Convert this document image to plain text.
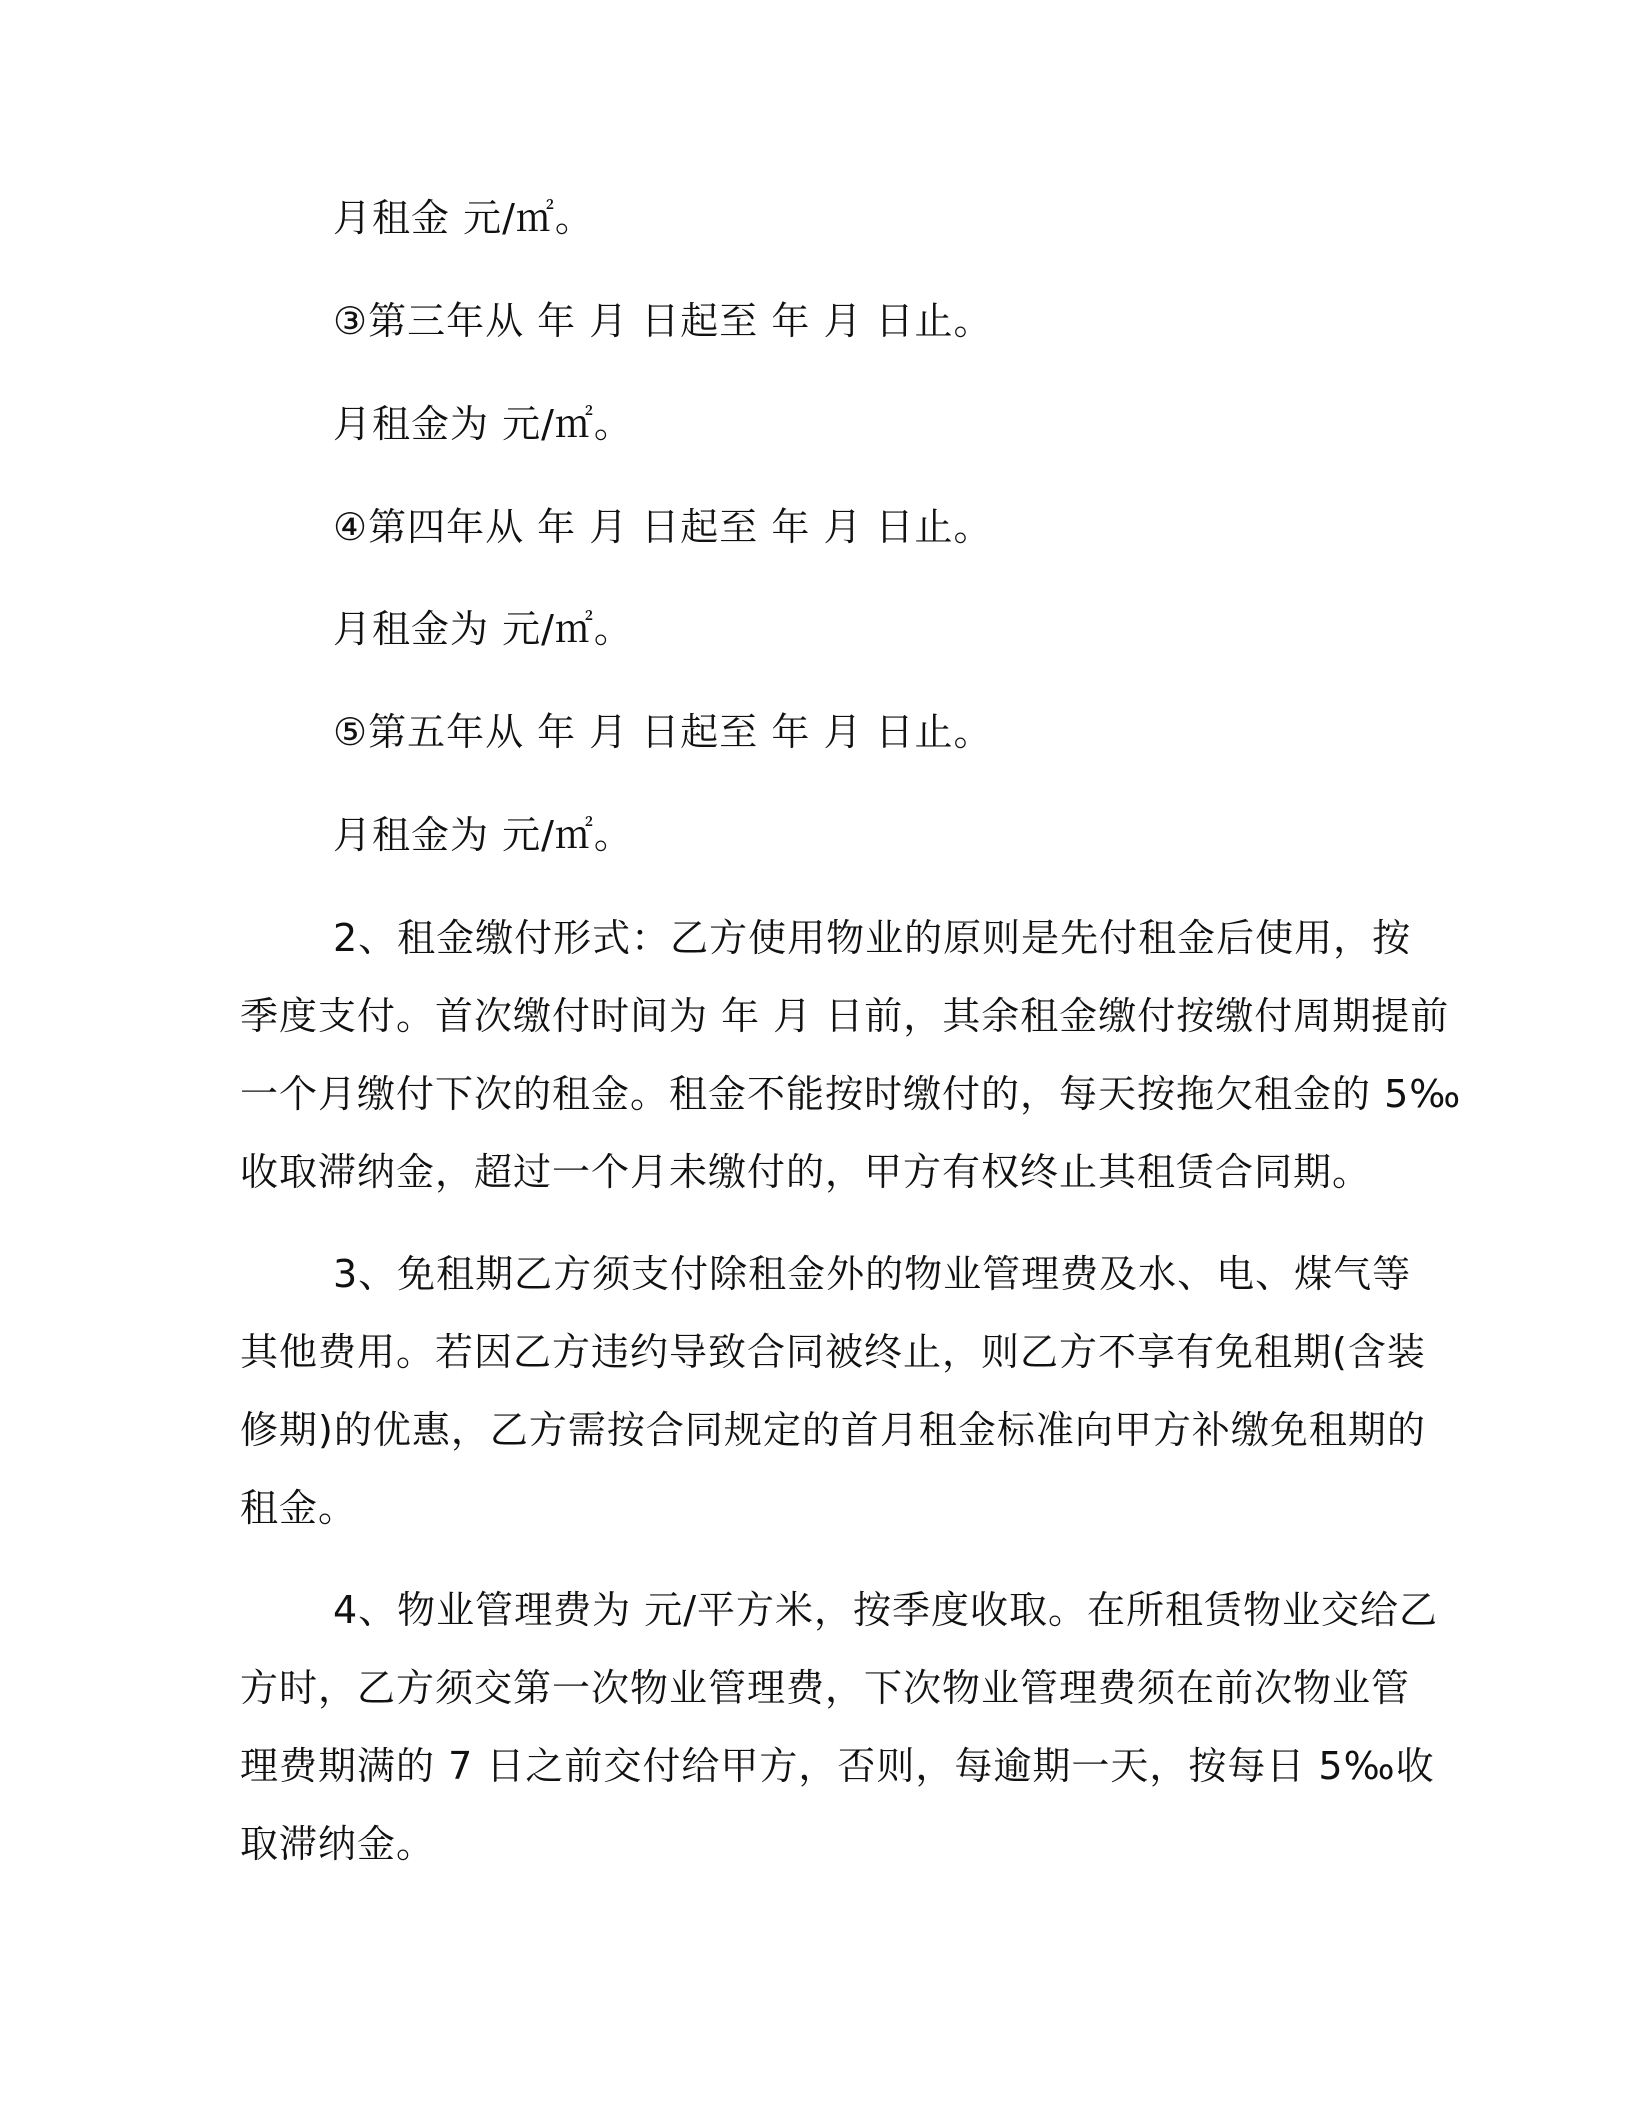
月租金 元/㎡。
③第三年从 年 月 日起至 年 月 日止。
月租金为 元/㎡。
④第四年从 年 月 日起至 年 月 日止。
月租金为 元/㎡。
⑤第五年从 年 月 日起至 年 月 日止。
月租金为 元/㎡。
2、租金缴付形式：乙方使用物业的原则是先付租金后使用，按
季度支付。首次缴付时间为 年 月 日前，其余租金缴付按缴付周期提前
一个月缴付下次的租金。租金不能按时缴付的，每天按拖欠租金的 5‰
收取滞纳金，超过一个月未缴付的，甲方有权终止其租赁合同期。
3、免租期乙方须支付除租金外的物业管理费及水、电、煤气等
其他费用。若因乙方违约导致合同被终止，则乙方不享有免租期(含装
修期)的优惠，乙方需按合同规定的首月租金标准向甲方补缴免租期的
租金。
4、物业管理费为 元/平方米，按季度收取。在所租赁物业交给乙
方时，乙方须交第一次物业管理费，下次物业管理费须在前次物业管
理费期满的 7 日之前交付给甲方，否则，每逾期一天，按每日 5‰收
取滞纳金。
